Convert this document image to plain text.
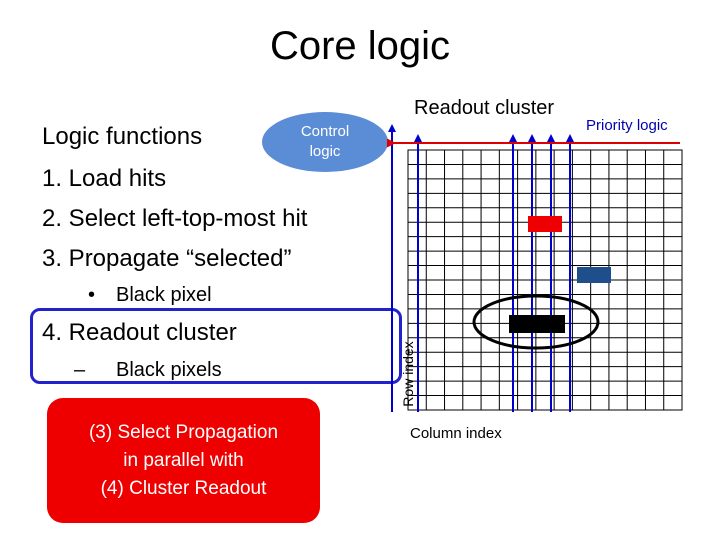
Core logic
Logic functions
1. Load hits
2. Select left-top-most hit
3. Propagate “selected”
• Black pixel
4. Readout cluster
– Black pixels
Control logic
Readout cluster
Priority logic
(3) Select Propagation
in parallel with
(4) Cluster Readout
Row index
Column index
